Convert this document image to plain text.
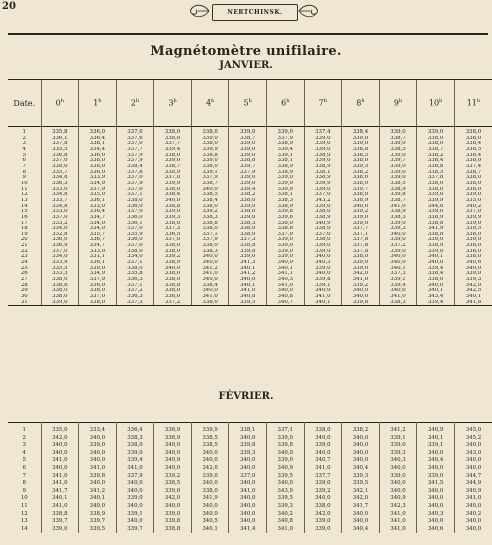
20
NERTCHINSK.
Magnétomètre unifilaire.
JANVIER.
Date.	0$^h$	1$^h$	2$^h$	3$^h$	4$^h$	5$^h$	6$^h$	7$^h$	8$^h$	9$^h$	10$^h$	11$^h$
1	335,8	336,0	337,0	338,0	338,0	339,0	339,0	337,4	338,4	339,0	339,0	338,0
2	336,1	336,4	337,6	338,0	339,0	338,7	337,9	339,0	339,0	338,7	338,0	338,0
3	337,8	338,1	337,0	337,7	338,0	339,0	338,9	339,0	339,0	339,0	338,0	338,4
4	335,5	334,4	337,7	339,4	339,9	339,0	339,4	339,0	338,8	338,5	338,7	338,5
5	336,8	336,0	337,9	338,0	338,8	339,0	339,1	338,0	338,5	339,0	338,2	338,4
6	337,0	338,0	337,9	339,0	339,0	338,8	338,1	339,0	338,0	339,7	338,4	338,0
7	338,0	338,0	338,4	338,7	338,0	339,7	338,9	338,9	339,5	339,0	338,8	337,4
8	335,7	336,0	337,8	338,9	339,1	337,9	338,9	338,1	338,2	339,0	338,5	338,7
9	334,8	333,9	337,0	337,0	337,9	339,0	339,0	338,9	338,0	339,0	337,8	338,0
10	336,3	334,9	337,9	339,9	338,7	339,0	339,9	339,9	338,0	338,5	338,0	338,0
11	333,0	337,9	337,0	338,0	340,0	339,4	339,9	339,0	339,7	338,9	338,0	338,0
12	334,8	335,0	337,1	338,4	338,5	338,2	338,1	337,0	338,0	339,8	339,0	339,0
13	333,7	336,1	338,0	340,0	338,4	338,0	338,3	343,2	338,9	338,7	339,9	335,0
14	334,8	333,0	336,0	338,8	338,0	339,0	338,9	339,0	340,0	341,0	344,8	340,2
15	333,0	336,4	337,0	339,0	339,2	338,0	339,8	338,0	339,2	338,9	339,0	337,0
16	337,0	334,7	336,0	339,3	338,3	339,0	339,8	338,9	339,0	338,3	338,9	339,9
17	333,2	334,0	336,1	338,0	338,8	338,3	338,0	340,9	339,0	339,0	338,8	339,0
18	334,0	334,0	337,0	337,3	338,0	338,0	338,8	338,0	337,7	339,3	341,9	339,5
19	332,8	335,7	335,9	336,5	337,1	338,0	337,9	337,0	337,1	340,0	338,8	338,0
20	336,0	336,7	336,0	337,0	337,9	337,3	339,0	338,0	337,8	339,0	339,0	339,0
21	336,9	334,7	337,0	338,0	338,0	338,8	339,0	339,0	337,8	337,2	338,9	338,0
22	337,0	333,0	338,0	338,0	338,3	339,8	339,0	339,0	337,8	339,0	339,0	338,0
23	334,0	331,1	334,0	339,2	340,0	339,0	339,0	340,0	338,0	340,0	340,1	338,0
24	333,9	336,1	337,1	338,9	340,0	341,3	340,0	340,3	339,0	340,0	340,0	340,6
25	335,5	339,0	338,0	340,0	341,2	340,1	340,1	339,0	339,0	340,1	339,4	340,0
26	333,3	334,9	335,8	338,0	341,0	341,2	341,1	340,0	342,0	337,3	338,4	339,0
27	338,0	337,9	336,3	338,0	340,0	340,0	340,3	339,8	341,0	339,1	338,0	339,3
28	338,8	336,0	337,1	338,8	338,4	340,1	341,0	339,1	339,2	339,4	340,0	342,0
29	338,0	338,0	337,2	338,0	340,0	341,0	340,0	340,0	340,0	340,0	340,1	342,5
30	338,0	337,0	336,3	338,0	341,0	340,8	340,8	341,0	340,0	341,0	343,4	340,1
31	339,0	338,0	337,3	337,2	338,0	339,5	340,7	340,1	339,8	338,3	339,4	341,8
FÉVRIER.
1	335,0	333,4	336,4	336,9	339,9	338,1	337,1	338,0	338,2	341,2	340,9	345,0
2	342,0	340,0	338,3	338,9	338,5	340,0	339,0	340,0	340,0	339,1	340,1	345,2
3	340,0	339,0	338,0	340,0	338,5	339,8	339,8	339,0	340,0	339,0	339,1	340,0
4	340,0	340,0	339,0	340,0	340,0	339,3	340,0	340,0	340,0	339,3	340,0	343,0
5	341,0	340,0	339,4	340,9	340,0	340,0	339,0	340,7	340,0	340,3	340,4	340,0
6	340,0	341,0	341,0	340,0	342,0	340,0	340,9	341,0	340,4	340,0	340,0	340,0
7	341,0	339,8	337,9	339,2	339,0	337,0	339,5	337,7	339,3	339,0	339,0	344,7
8	341,0	340,0	340,0	338,5	340,0	340,0	340,0	339,0	339,5	340,0	341,5	344,9
9	341,7	341,2	340,0	339,0	338,0	341,0	343,9	339,2	342,1	340,0	340,0	340,9
10	340,1	340,1	339,0	342,0	341,9	340,0	339,5	340,0	342,0	340,9	340,0	341,0
11	341,0	340,0	340,0	340,0	340,0	340,0	339,3	338,0	341,7	342,3	340,0	340,0
12	338,8	338,9	339,1	339,0	340,0	340,0	340,2	342,0	340,0	341,0	340,3	340,2
13	339,7	339,7	340,0	339,8	340,5	340,0	340,8	339,0	340,0	341,0	340,0	340,0
14	339,0	339,5	339,7	338,8	340,1	341,4	341,0	339,0	340,4	341,0	340,6	340,0
